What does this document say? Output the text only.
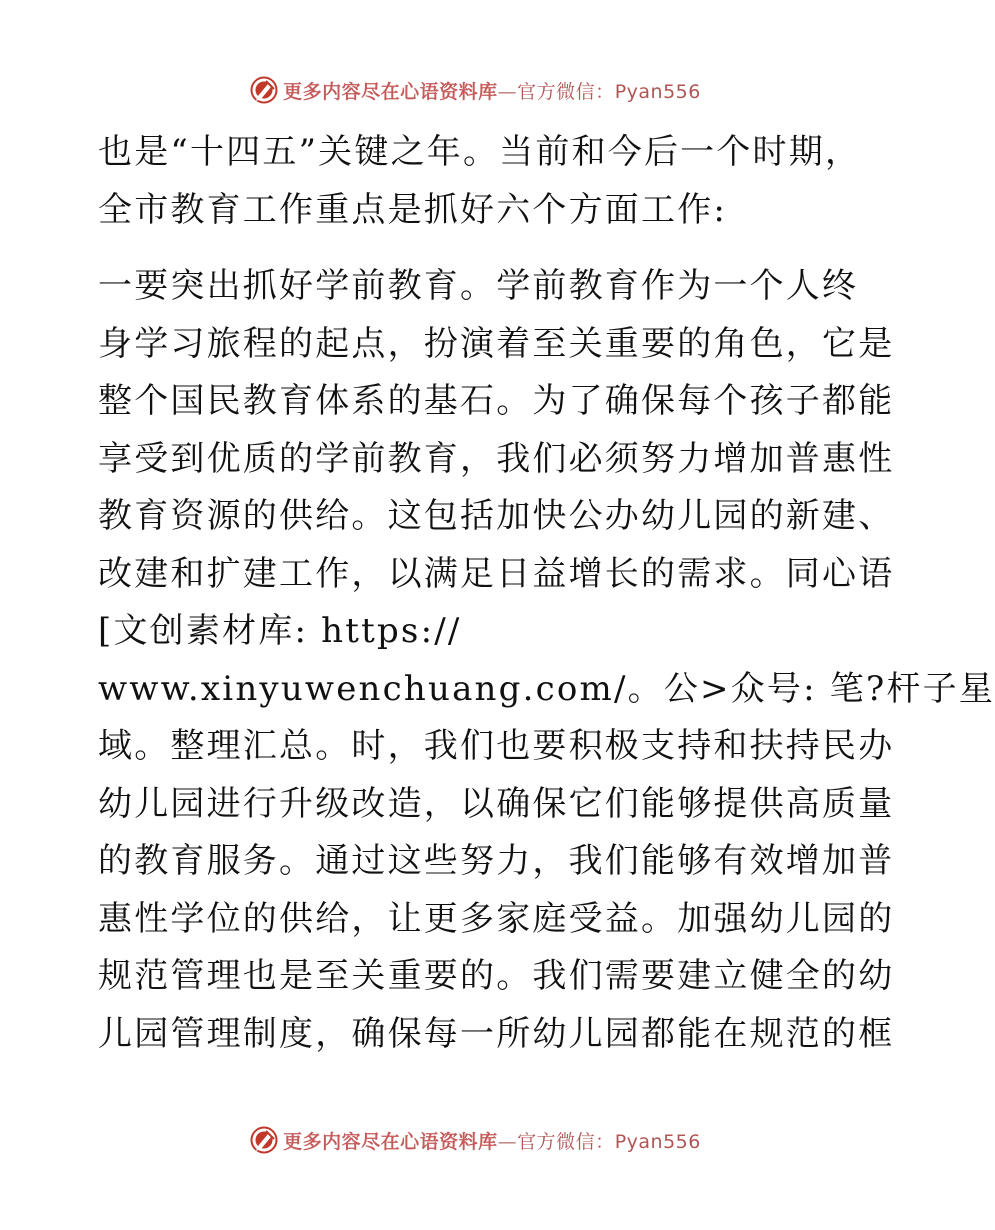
更多内容尽在心语资料库—官方微信：Pyan556
也是“十四五”关键之年。当前和今后一个时期，
全市教育工作重点是抓好六个方面工作:
一要突出抓好学前教育。学前教育作为一个人终
身学习旅程的起点，扮演着至关重要的角色，它是
整个国民教育体系的基石。为了确保每个孩子都能
享受到优质的学前教育，我们必须努力增加普惠性
教育资源的供给。这包括加快公办幼儿园的新建、
改建和扩建工作，以满足日益增长的需求。同心语
[文创素材库: https://
www.xinyuwenchuang.com/。公>众号: 笔?杆子星
域。整理汇总。时，我们也要积极支持和扶持民办
幼儿园进行升级改造，以确保它们能够提供高质量
的教育服务。通过这些努力，我们能够有效增加普
惠性学位的供给，让更多家庭受益。加强幼儿园的
规范管理也是至关重要的。我们需要建立健全的幼
儿园管理制度，确保每一所幼儿园都能在规范的框
更多内容尽在心语资料库—官方微信：Pyan556
